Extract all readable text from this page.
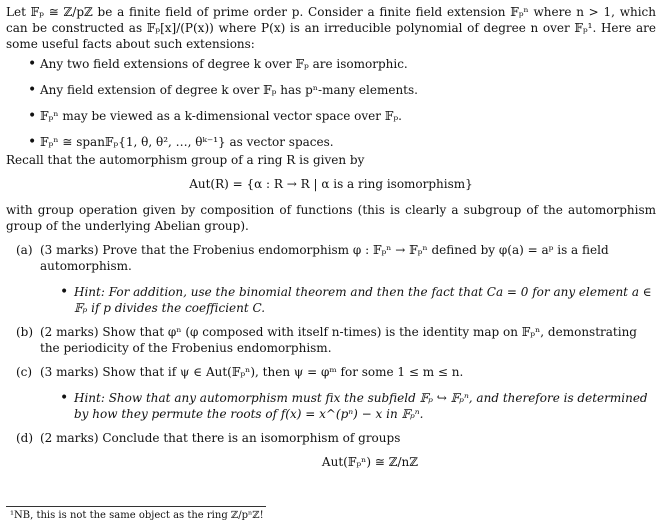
Let 𝔽ₚ ≅ ℤ/pℤ be a finite field of prime order p. Consider a finite field extension 𝔽ₚⁿ where n > 1, which can be constructed as 𝔽ₚ[x]/(P(x)) where P(x) is an irreducible polynomial of degree n over 𝔽ₚ¹. Here are some useful facts about such extensions:

• Any two field extensions of degree k over 𝔽ₚ are isomorphic.
• Any field extension of degree k over 𝔽ₚ has pⁿ-many elements.
• 𝔽ₚⁿ may be viewed as a k-dimensional vector space over 𝔽ₚ.
• 𝔽ₚⁿ ≅ span𝔽ₚ{1, θ, θ², …, θᵏ⁻¹} as vector spaces.

Recall that the automorphism group of a ring R is given by

Aut(R) = {α : R → R | α is a ring isomorphism}

with group operation given by composition of functions (this is clearly a subgroup of the automorphism group of the underlying Abelian group).

(a) (3 marks) Prove that the Frobenius endomorphism φ : 𝔽ₚⁿ → 𝔽ₚⁿ defined by φ(a) = aᵖ is a field automorphism.

• Hint: For addition, use the binomial theorem and then the fact that Ca = 0 for any element a ∈ 𝔽ₚ if p divides the coefficient C.

(b) (2 marks) Show that φⁿ (φ composed with itself n-times) is the identity map on 𝔽ₚⁿ, demonstrating the periodicity of the Frobenius endomorphism.

(c) (3 marks) Show that if ψ ∈ Aut(𝔽ₚⁿ), then ψ = φᵐ for some 1 ≤ m ≤ n.

• Hint: Show that any automorphism must fix the subfield 𝔽ₚ ↪ 𝔽ₚⁿ, and therefore is determined by how they permute the roots of f(x) = x^(pⁿ) − x in 𝔽ₚⁿ.

(d) (2 marks) Conclude that there is an isomorphism of groups

Aut(𝔽ₚⁿ) ≅ ℤ/nℤ

¹NB, this is not the same object as the ring ℤ/pⁿℤ!
